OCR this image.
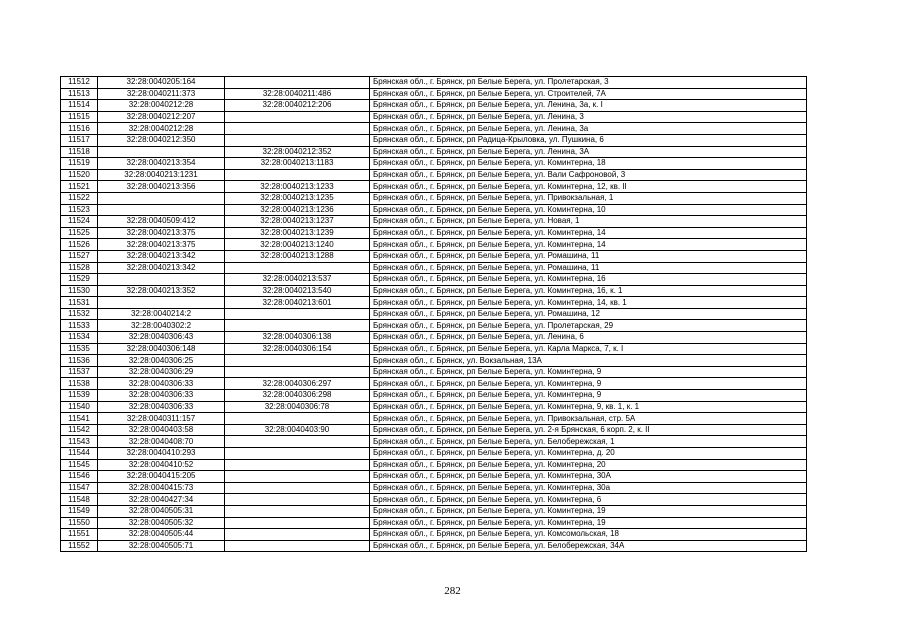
11512	32:28:0040205:164		Брянская обл., г. Брянск, рп Белые Берега, ул. Пролетарская, 3
11513	32:28:0040211:373	32:28:0040211:486	Брянская обл., г. Брянск, рп Белые Берега, ул. Строителей, 7А
11514	32:28:0040212:28	32:28:0040212:206	Брянская обл., г. Брянск, рп Белые Берега, ул. Ленина, 3а, к. I
11515	32:28:0040212:207		Брянская обл., г. Брянск, рп Белые Берега, ул. Ленина, 3
11516	32:28:0040212:28		Брянская обл., г. Брянск, рп Белые Берега, ул. Ленина, 3а
11517	32:28:0040212:350		Брянская обл., г. Брянск, рп Радица-Крыловка, ул. Пушкина, 6
11518		32:28:0040212:352	Брянская обл., г. Брянск, рп Белые Берега, ул. Ленина, 3А
11519	32:28:0040213:354	32:28:0040213:1183	Брянская обл., г. Брянск, рп Белые Берега, ул. Коминтерна, 18
11520	32:28:0040213:1231		Брянская обл., г. Брянск, рп Белые Берега, ул. Вали Сафроновой, 3
11521	32:28:0040213:356	32:28:0040213:1233	Брянская обл., г. Брянск, рп Белые Берега, ул. Коминтерна, 12, кв. II
11522		32:28:0040213:1235	Брянская обл., г. Брянск, рп Белые Берега, ул. Привокзальная, 1
11523		32:28:0040213:1236	Брянская обл., г. Брянск, рп Белые Берега, ул. Коминтерна, 10
11524	32:28:0040509:412	32:28:0040213:1237	Брянская обл., г. Брянск, рп Белые Берега, ул. Новая, 1
11525	32:28:0040213:375	32:28:0040213:1239	Брянская обл., г. Брянск, рп Белые Берега, ул. Коминтерна, 14
11526	32:28:0040213:375	32:28:0040213:1240	Брянская обл., г. Брянск, рп Белые Берега, ул. Коминтерна, 14
11527	32:28:0040213:342	32:28:0040213:1288	Брянская обл., г. Брянск, рп Белые Берега, ул. Ромашина, 11
11528	32:28:0040213:342		Брянская обл., г. Брянск, рп Белые Берега, ул. Ромашина, 11
11529		32:28:0040213:537	Брянская обл., г. Брянск, рп Белые Берега, ул. Коминтерна, 16
11530	32:28:0040213:352	32:28:0040213:540	Брянская обл., г. Брянск, рп Белые Берега, ул. Коминтерна, 16, к. 1
11531		32:28:0040213:601	Брянская обл., г. Брянск, рп Белые Берега, ул. Коминтерна, 14, кв. 1
11532	32:28:0040214:2		Брянская обл., г. Брянск, рп Белые Берега, ул. Ромашина, 12
11533	32:28:0040302:2		Брянская обл., г. Брянск, рп Белые Берега, ул. Пролетарская, 29
11534	32:28:0040306:43	32:28:0040306:138	Брянская обл., г. Брянск, рп Белые Берега, ул. Ленина, 6
11535	32:28:0040306:148	32:28:0040306:154	Брянская обл., г. Брянск, рп Белые Берега, ул. Карла Маркса, 7, к. I
11536	32:28:0040306:25		Брянская обл., г. Брянск, ул. Вокзальная, 13А
11537	32:28:0040306:29		Брянская обл., г. Брянск, рп Белые Берега, ул. Коминтерна, 9
11538	32:28:0040306:33	32:28:0040306:297	Брянская обл., г. Брянск, рп Белые Берега, ул. Коминтерна, 9
11539	32:28:0040306:33	32:28:0040306:298	Брянская обл., г. Брянск, рп Белые Берега, ул. Коминтерна, 9
11540	32:28:0040306:33	32:28:0040306:78	Брянская обл., г. Брянск, рп Белые Берега, ул. Коминтерна, 9, кв. 1, к. 1
11541	32:28:0040311:157		Брянская обл., г. Брянск, рп Белые Берега, ул. Привокзальная, стр. 5А
11542	32:28:0040403:58	32:28:0040403:90	Брянская обл., г. Брянск, рп Белые Берега, ул. 2-я Брянская, 6 корп. 2, к. II
11543	32:28:0040408:70		Брянская обл., г. Брянск, рп Белые Берега, ул. Белобережская, 1
11544	32:28:0040410:293		Брянская обл., г. Брянск, рп Белые Берега, ул. Коминтерна, д. 20
11545	32:28:0040410:52		Брянская обл., г. Брянск, рп Белые Берега, ул. Коминтерна, 20
11546	32:28:0040415:205		Брянская обл., г. Брянск, рп Белые Берега, ул. Коминтерна, 30А
11547	32:28:0040415:73		Брянская обл., г. Брянск, рп Белые Берега, ул. Коминтерна, 30а
11548	32:28:0040427:34		Брянская обл., г. Брянск, рп Белые Берега, ул. Коминтерна, 6
11549	32:28:0040505:31		Брянская обл., г. Брянск, рп Белые Берега, ул. Коминтерна, 19
11550	32:28:0040505:32		Брянская обл., г. Брянск, рп Белые Берега, ул. Коминтерна, 19
11551	32:28:0040505:44		Брянская обл., г. Брянск, рп Белые Берега, ул. Комсомольская, 18
11552	32:28:0040505:71		Брянская обл., г. Брянск, рп Белые Берега, ул. Белобережская, 34А
282
